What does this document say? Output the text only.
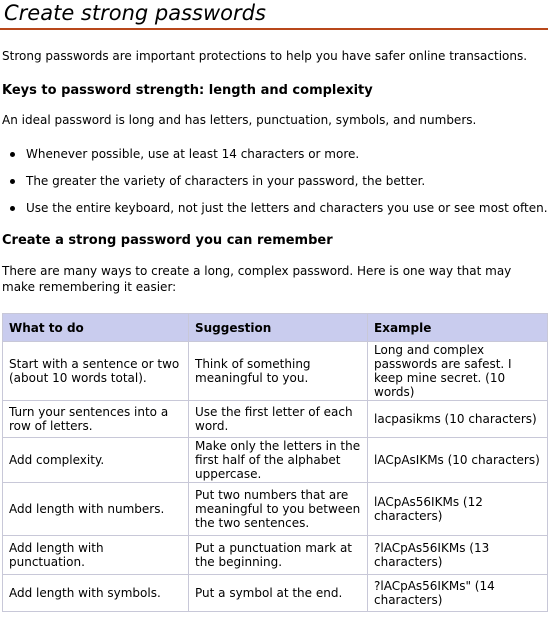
Create strong passwords

Strong passwords are important protections to help you have safer online transactions.

Keys to password strength: length and complexity

An ideal password is long and has letters, punctuation, symbols, and numbers.

Whenever possible, use at least 14 characters or more.
The greater the variety of characters in your password, the better.
Use the entire keyboard, not just the letters and characters you use or see most often.
Create a strong password you can remember

There are many ways to create a long, complex password. Here is one way that may make remembering it easier:

What to do	Suggestion	Example
Start with a sentence or two (about 10 words total).	Think of something meaningful to you.	Long and complex passwords are safest. I keep mine secret. (10 words)
Turn your sentences into a row of letters.	Use the first letter of each word.	lacpasikms (10 characters)
Add complexity.	Make only the letters in the first half of the alphabet uppercase.	lACpAsIKMs (10 characters)
Add length with numbers.	Put two numbers that are meaningful to you between the two sentences.	lACpAs56IKMs (12 characters)
Add length with punctuation.	Put a punctuation mark at the beginning.	?lACpAs56IKMs (13 characters)
Add length with symbols.	Put a symbol at the end.	?lACpAs56IKMs" (14 characters)
